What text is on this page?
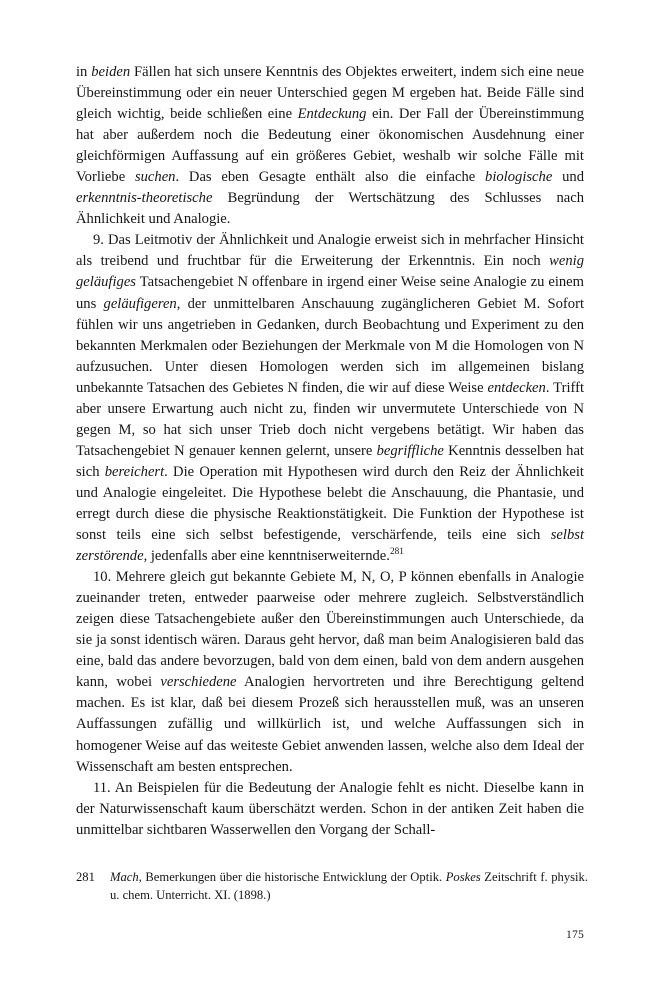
in beiden Fällen hat sich unsere Kenntnis des Objektes erweitert, indem sich eine neue Übereinstimmung oder ein neuer Unterschied gegen M ergeben hat. Beide Fälle sind gleich wichtig, beide schließen eine Entdeckung ein. Der Fall der Übereinstimmung hat aber außerdem noch die Bedeutung einer ökonomischen Ausdehnung einer gleichförmigen Auffassung auf ein größeres Gebiet, weshalb wir solche Fälle mit Vorliebe suchen. Das eben Gesagte enthält also die einfache biologische und erkenntnis-theoretische Begründung der Wertschätzung des Schlusses nach Ähnlichkeit und Analogie.

9. Das Leitmotiv der Ähnlichkeit und Analogie erweist sich in mehrfacher Hinsicht als treibend und fruchtbar für die Erweiterung der Erkenntnis. Ein noch wenig geläufiges Tatsachengebiet N offenbare in irgend einer Weise seine Analogie zu einem uns geläufigeren, der unmittelbaren Anschauung zugänglicheren Gebiet M. Sofort fühlen wir uns angetrieben in Gedanken, durch Beobachtung und Experiment zu den bekannten Merkmalen oder Beziehungen der Merkmale von M die Homologen von N aufzusuchen. Unter diesen Homologen werden sich im allgemeinen bislang unbekannte Tatsachen des Gebietes N finden, die wir auf diese Weise entdecken. Trifft aber unsere Erwartung auch nicht zu, finden wir unvermutete Unterschiede von N gegen M, so hat sich unser Trieb doch nicht vergebens betätigt. Wir haben das Tatsachengebiet N genauer kennen gelernt, unsere begriffliche Kenntnis desselben hat sich bereichert. Die Operation mit Hypothesen wird durch den Reiz der Ähnlichkeit und Analogie eingeleitet. Die Hypothese belebt die Anschauung, die Phantasie, und erregt durch diese die physische Reaktionstätigkeit. Die Funktion der Hypothese ist sonst teils eine sich selbst befestigende, verschärfende, teils eine sich selbst zerstörende, jedenfalls aber eine kenntniserweiternde.$^{281}$

10. Mehrere gleich gut bekannte Gebiete M, N, O, P können ebenfalls in Analogie zueinander treten, entweder paarweise oder mehrere zugleich. Selbstverständlich zeigen diese Tatsachengebiete außer den Übereinstimmungen auch Unterschiede, da sie ja sonst identisch wären. Daraus geht hervor, daß man beim Analogisieren bald das eine, bald das andere bevorzugen, bald von dem einen, bald von dem andern ausgehen kann, wobei verschiedene Analogien hervortreten und ihre Berechtigung geltend machen. Es ist klar, daß bei diesem Prozeß sich herausstellen muß, was an unseren Auffassungen zufällig und willkürlich ist, und welche Auffassungen sich in homogener Weise auf das weiteste Gebiet anwenden lassen, welche also dem Ideal der Wissenschaft am besten entsprechen.

11. An Beispielen für die Bedeutung der Analogie fehlt es nicht. Dieselbe kann in der Naturwissenschaft kaum überschätzt werden. Schon in der antiken Zeit haben die unmittelbar sichtbaren Wasserwellen den Vorgang der Schall-

281	Mach, Bemerkungen über die historische Entwicklung der Optik. Poskes Zeitschrift f. physik. u. chem. Unterricht. XI. (1898.)
175
